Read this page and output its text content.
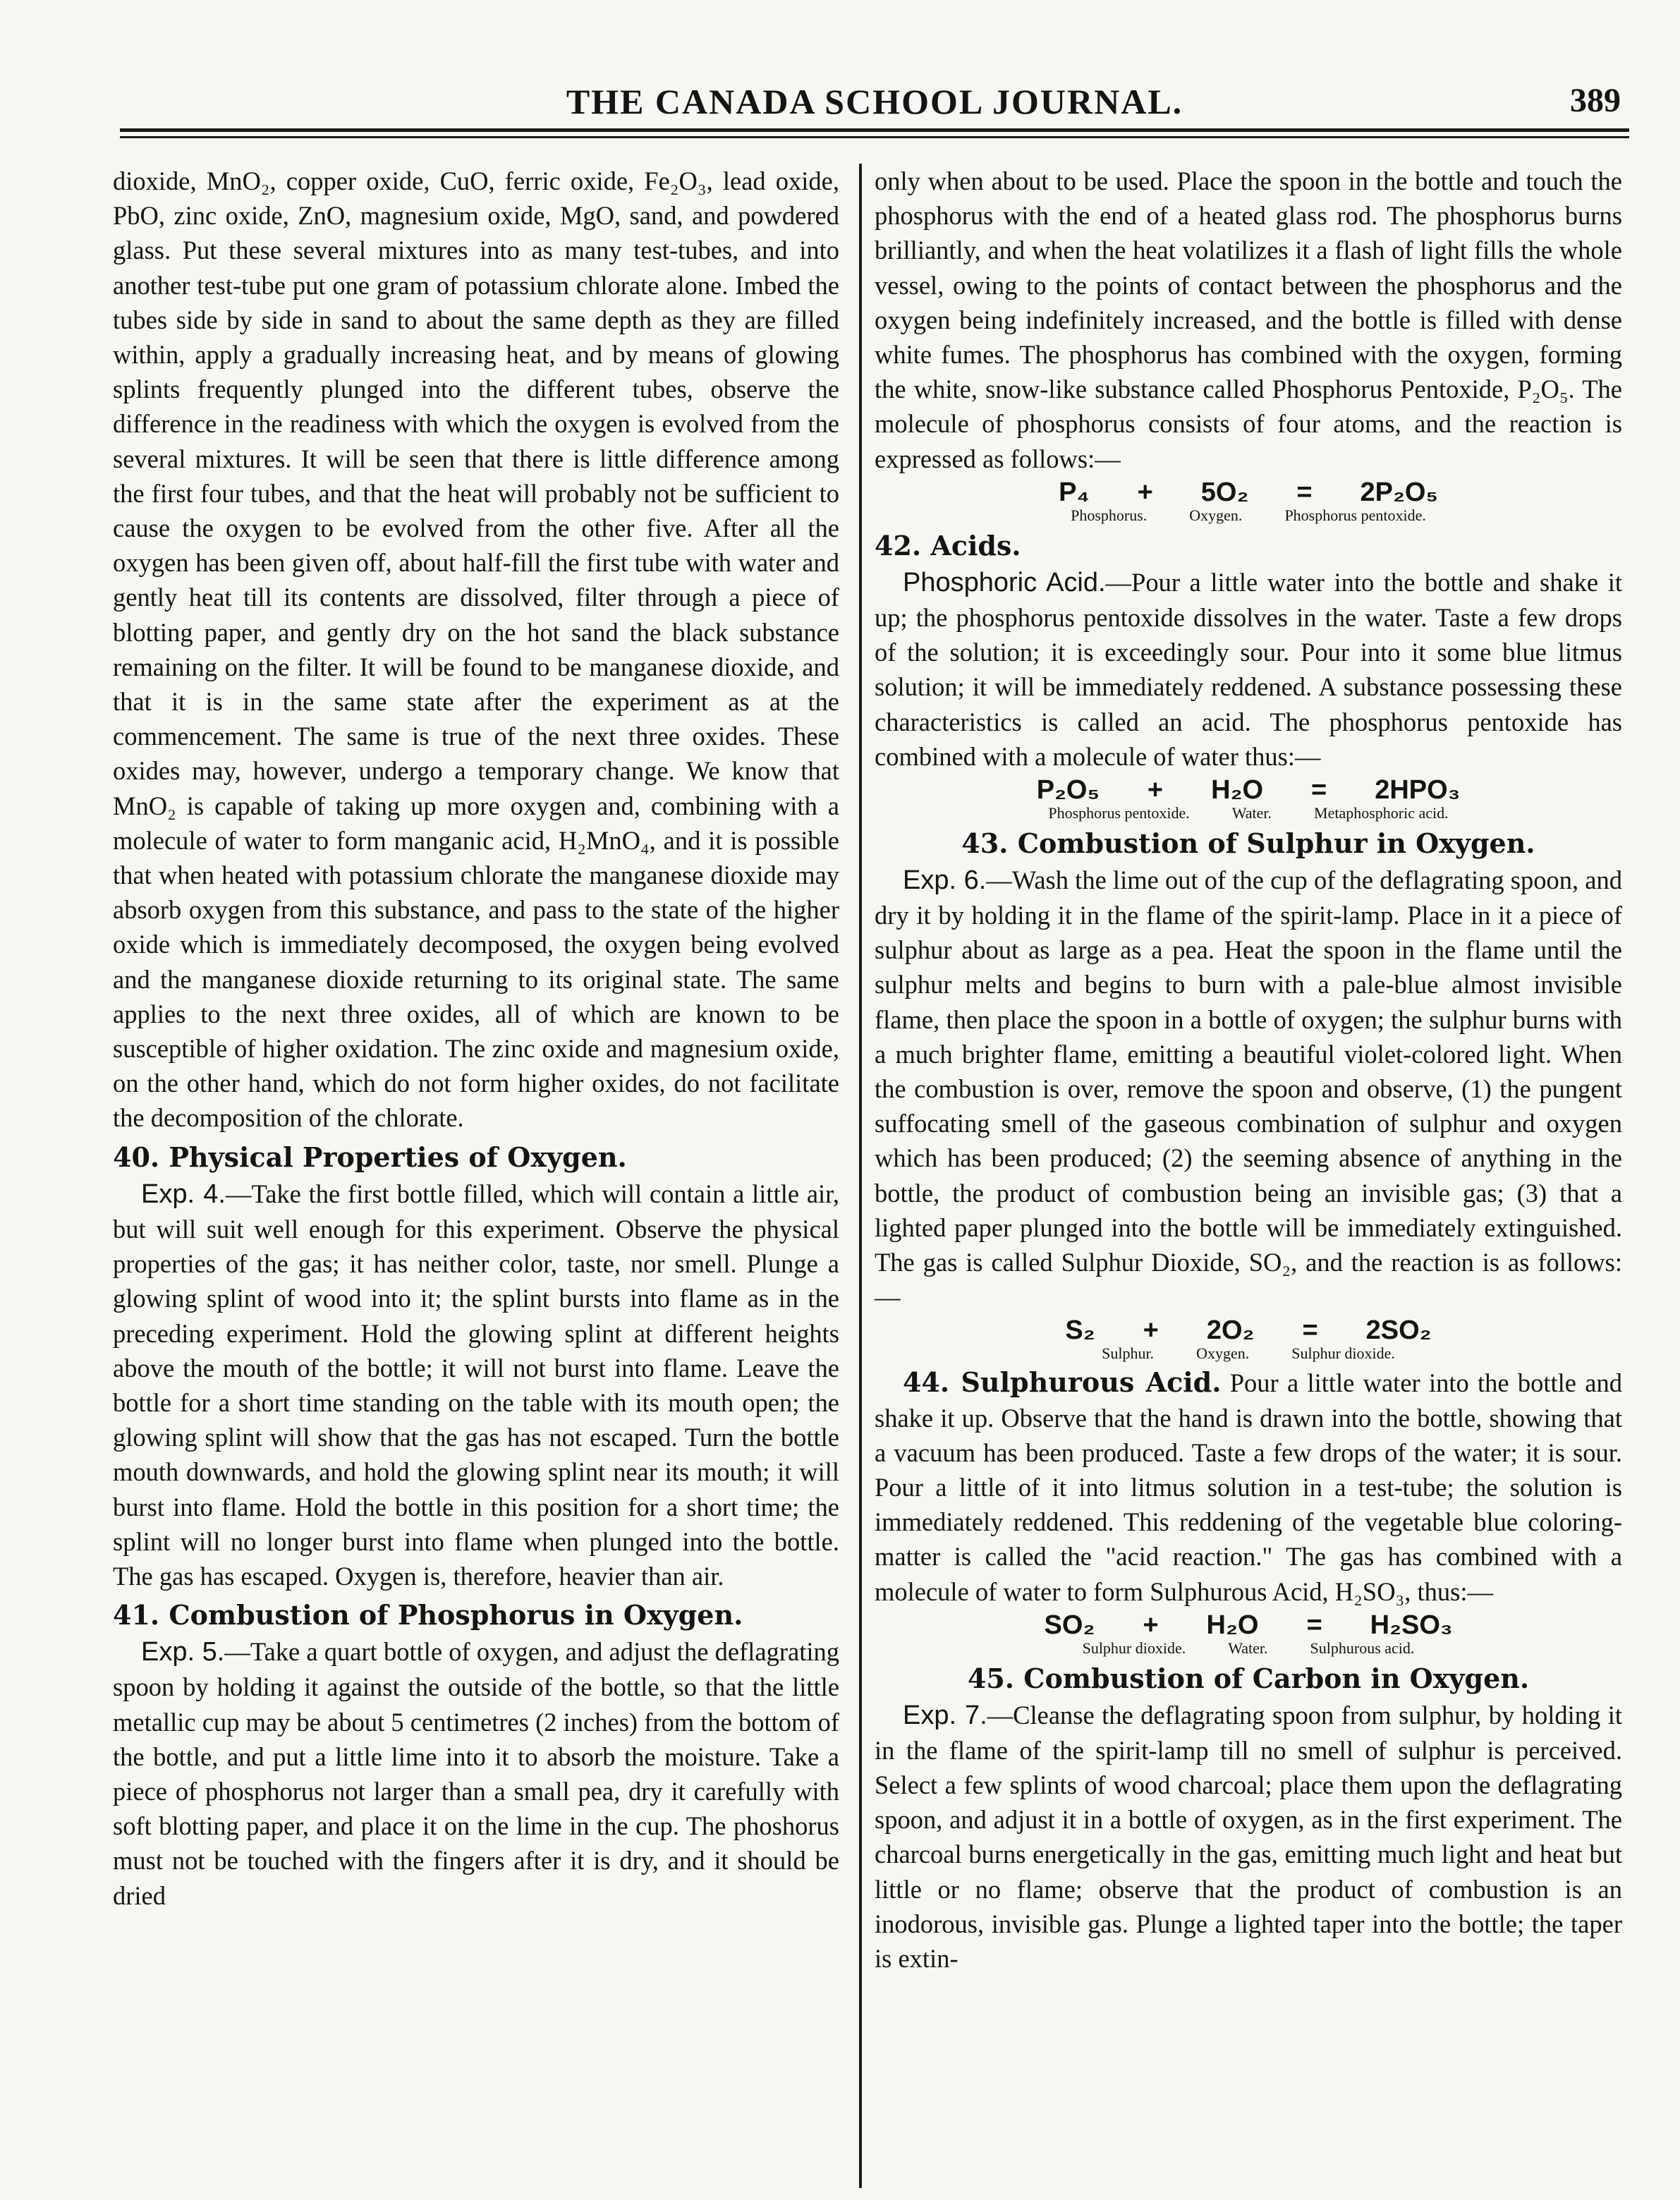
THE CANADA SCHOOL JOURNAL.	389

dioxide, MnO₂, copper oxide, CuO, ferric oxide, Fe₂O₃, lead oxide, PbO, zinc oxide, ZnO, magnesium oxide, MgO, sand, and powdered glass. Put these several mixtures into as many test-tubes, and into another test-tube put one gram of potassium chlorate alone. Imbed the tubes side by side in sand to about the same depth as they are filled within, apply a gradually increasing heat, and by means of glowing splints frequently plunged into the different tubes, observe the difference in the readiness with which the oxygen is evolved from the several mixtures. It will be seen that there is little difference among the first four tubes, and that the heat will probably not be sufficient to cause the oxygen to be evolved from the other five. After all the oxygen has been given off, about half-fill the first tube with water and gently heat till its contents are dissolved, filter through a piece of blotting paper, and gently dry on the hot sand the black substance remaining on the filter. It will be found to be manganese dioxide, and that it is in the same state after the experiment as at the commencement. The same is true of the next three oxides. These oxides may, however, undergo a temporary change. We know that MnO₂ is capable of taking up more oxygen and, combining with a molecule of water to form manganic acid, H₂MnO₄, and it is possible that when heated with potassium chlorate the manganese dioxide may absorb oxygen from this substance, and pass to the state of the higher oxide which is immediately decomposed, the oxygen being evolved and the manganese dioxide returning to its original state. The same applies to the next three oxides, all of which are known to be susceptible of higher oxidation. The zinc oxide and magnesium oxide, on the other hand, which do not form higher oxides, do not facilitate the decomposition of the chlorate.

40. Physical Properties of Oxygen.

Exp. 4.—Take the first bottle filled, which will contain a little air, but will suit well enough for this experiment. Observe the physical properties of the gas; it has neither color, taste, nor smell. Plunge a glowing splint of wood into it; the splint bursts into flame as in the preceding experiment. Hold the glowing splint at different heights above the mouth of the bottle; it will not burst into flame. Leave the bottle for a short time standing on the table with its mouth open; the glowing splint will show that the gas has not escaped. Turn the bottle mouth downwards, and hold the glowing splint near its mouth; it will burst into flame. Hold the bottle in this position for a short time; the splint will no longer burst into flame when plunged into the bottle. The gas has escaped. Oxygen is, therefore, heavier than air.

41. Combustion of Phosphorus in Oxygen.

Exp. 5.—Take a quart bottle of oxygen, and adjust the deflagrating spoon by holding it against the outside of the bottle, so that the little metallic cup may be about 5 centimetres (2 inches) from the bottom of the bottle, and put a little lime into it to absorb the moisture. Take a piece of phosphorus not larger than a small pea, dry it carefully with soft blotting paper, and place it on the lime in the cup. The phoshorus must not be touched with the fingers after it is dry, and it should be dried

only when about to be used. Place the spoon in the bottle and touch the phosphorus with the end of a heated glass rod. The phosphorus burns brilliantly, and when the heat volatilizes it a flash of light fills the whole vessel, owing to the points of contact between the phosphorus and the oxygen being indefinitely increased, and the bottle is filled with dense white fumes. The phosphorus has combined with the oxygen, forming the white, snow-like substance called Phosphorus Pentoxide, P₂O₅. The molecule of phosphorus consists of four atoms, and the reaction is expressed as follows:—

P₄ + 5O₂ = 2P₂O₅
Phosphorus.	Oxygen.	Phosphorus pentoxide.
42. Acids.

Phosphoric Acid.—Pour a little water into the bottle and shake it up; the phosphorus pentoxide dissolves in the water. Taste a few drops of the solution; it is exceedingly sour. Pour into it some blue litmus solution; it will be immediately reddened. A substance possessing these characteristics is called an acid. The phosphorus pentoxide has combined with a molecule of water thus:—

P₂O₅ + H₂O = 2HPO₃
Phosphorus pentoxide.	Water.	Metaphosphoric acid.
43. Combustion of Sulphur in Oxygen.

Exp. 6.—Wash the lime out of the cup of the deflagrating spoon, and dry it by holding it in the flame of the spirit-lamp. Place in it a piece of sulphur about as large as a pea. Heat the spoon in the flame until the sulphur melts and begins to burn with a pale-blue almost invisible flame, then place the spoon in a bottle of oxygen; the sulphur burns with a much brighter flame, emitting a beautiful violet-colored light. When the combustion is over, remove the spoon and observe, (1) the pungent suffocating smell of the gaseous combination of sulphur and oxygen which has been produced; (2) the seeming absence of anything in the bottle, the product of combustion being an invisible gas; (3) that a lighted paper plunged into the bottle will be immediately extinguished. The gas is called Sulphur Dioxide, SO₂, and the reaction is as follows:—

S₂ + 2O₂ = 2SO₂
Sulphur.	Oxygen.	Sulphur dioxide.

44. Sulphurous Acid. Pour a little water into the bottle and shake it up. Observe that the hand is drawn into the bottle, showing that a vacuum has been produced. Taste a few drops of the water; it is sour. Pour a little of it into litmus solution in a test-tube; the solution is immediately reddened. This reddening of the vegetable blue coloring-matter is called the "acid reaction." The gas has combined with a molecule of water to form Sulphurous Acid, H₂SO₃, thus:—

SO₂ + H₂O = H₂SO₃
Sulphur dioxide.	Water.	Sulphurous acid.
45. Combustion of Carbon in Oxygen.

Exp. 7.—Cleanse the deflagrating spoon from sulphur, by holding it in the flame of the spirit-lamp till no smell of sulphur is perceived. Select a few splints of wood charcoal; place them upon the deflagrating spoon, and adjust it in a bottle of oxygen, as in the first experiment. The charcoal burns energetically in the gas, emitting much light and heat but little or no flame; observe that the product of combustion is an inodorous, invisible gas. Plunge a lighted taper into the bottle; the taper is extin-
